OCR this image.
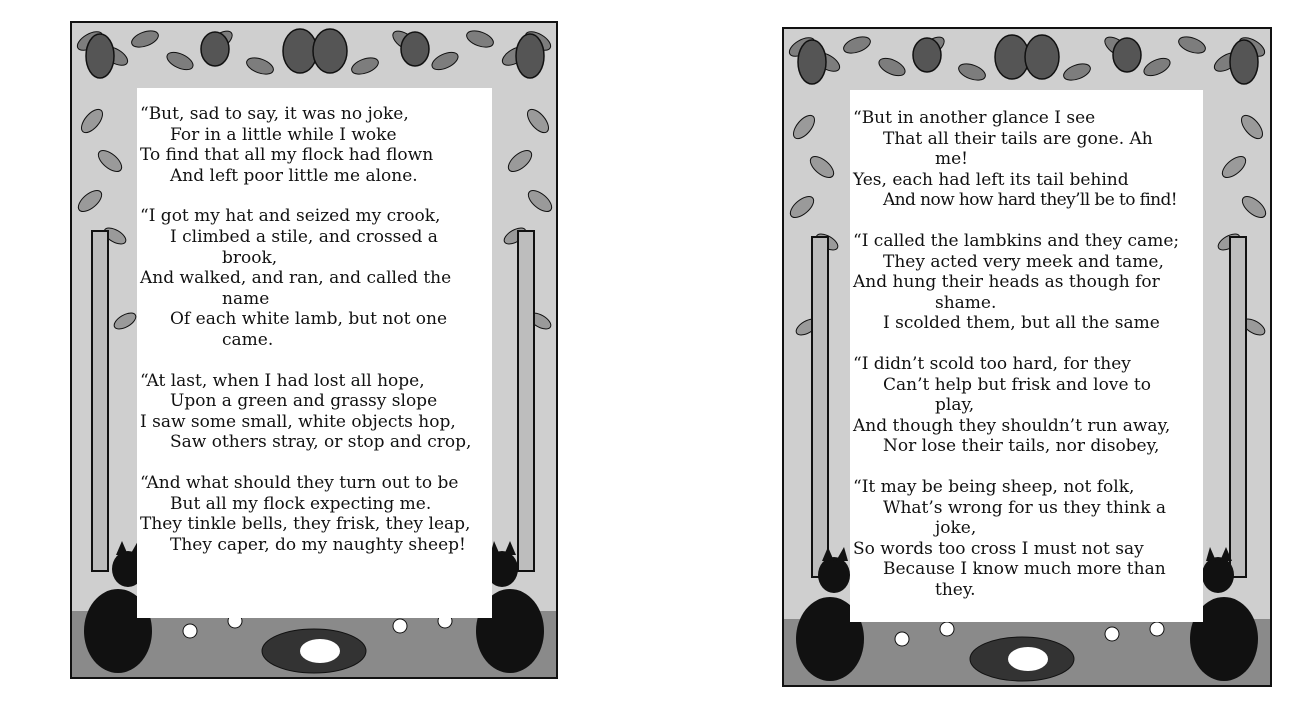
“But, sad to say, it was no joke,
For in a little while I woke
To find that all my flock had flown
And left poor little me alone.
“I got my hat and seized my crook,
I climbed a stile, and crossed a
brook,
And walked, and ran, and called the
name
Of each white lamb, but not one
came.
“At last, when I had lost all hope,
Upon a green and grassy slope
I saw some small, white objects hop,
Saw others stray, or stop and crop,
“And what should they turn out to be
But all my flock expecting me.
They tinkle bells, they frisk, they leap,
They caper, do my naughty sheep!
“But in another glance I see
That all their tails are gone. Ah
me!
Yes, each had left its tail behind
And now how hard they’ll be to find!
“I called the lambkins and they came;
They acted very meek and tame,
And hung their heads as though for
shame.
I scolded them, but all the same
“I didn’t scold too hard, for they
Can’t help but frisk and love to
play,
And though they shouldn’t run away,
Nor lose their tails, nor disobey,
“It may be being sheep, not folk,
What’s wrong for us they think a
joke,
So words too cross I must not say
Because I know much more than
they.
